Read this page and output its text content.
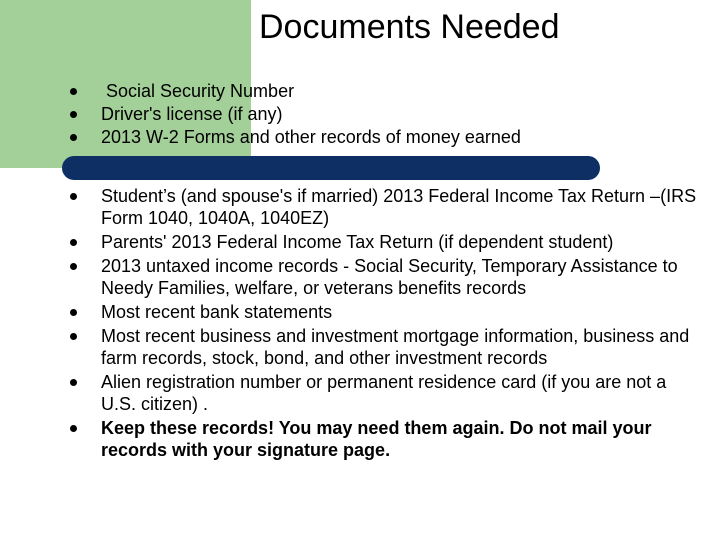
Documents Needed
Social Security Number
Driver's license (if any)
2013 W-2 Forms and other records of money earned
Student’s (and spouse's if married) 2013 Federal Income Tax Return –(IRS Form 1040, 1040A, 1040EZ)
Parents' 2013 Federal Income Tax Return (if dependent student)
2013 untaxed income records - Social Security, Temporary Assistance to Needy Families, welfare, or veterans benefits records
Most recent bank statements
Most recent business and investment mortgage information, business and farm records, stock, bond, and other investment records
Alien registration number or permanent residence card (if you are not a U.S. citizen) .
Keep these records! You may need them again. Do not mail your records with your signature page.
